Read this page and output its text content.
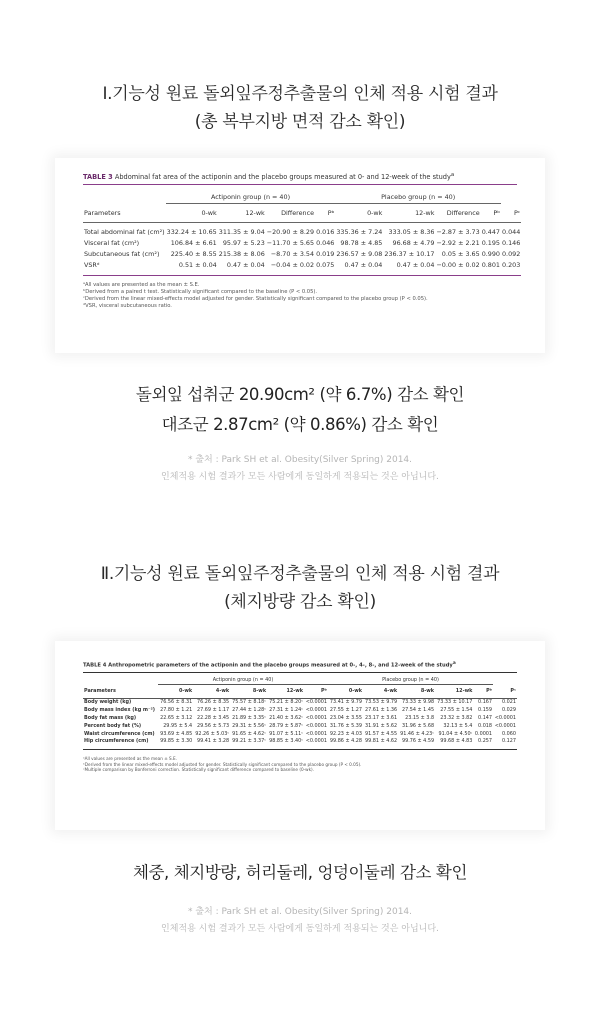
Ⅰ.기능성 원료 돌외잎주정추출물의 인체 적용 시험 결과
(총 복부지방 면적 감소 확인)
TABLE 3 Abdominal fat area of the actiponin and the placebo groups measured at 0- and 12-week of the study$^a$
	Actiponin group (n = 40)				Placebo group (n = 40)				
Parameters	0-wk	12-wk	Difference	Pᵇ	0-wk	12-wk	Difference	Pᵇ	Pᶜ
Total abdominal fat (cm²)	332.24 ± 10.65	311.35 ± 9.04	−20.90 ± 8.29	0.016	335.36 ± 7.24	333.05 ± 8.36	−2.87 ± 3.73	0.447	0.044
Visceral fat (cm²)	106.84 ± 6.61	95.97 ± 5.23	−11.70 ± 5.65	0.046	98.78 ± 4.85	96.68 ± 4.79	−2.92 ± 2.21	0.195	0.146
Subcutaneous fat (cm²)	225.40 ± 8.55	215.38 ± 8.06	−8.70 ± 3.54	0.019	236.57 ± 9.08	236.37 ± 10.17	0.05 ± 3.65	0.990	0.092
VSRᵈ	0.51 ± 0.04	0.47 ± 0.04	−0.04 ± 0.02	0.075	0.47 ± 0.04	0.47 ± 0.04	−0.00 ± 0.02	0.801	0.203
ᵃAll values are presented as the mean ± S.E.
ᵇDerived from a paired t test. Statistically significant compared to the baseline (P < 0.05).
ᶜDerived from the linear mixed-effects model adjusted for gender. Statistically significant compared to the placebo group (P < 0.05).
ᵈVSR, visceral subcutaneous ratio.
돌외잎 섭취군 20.90cm² (약 6.7%) 감소 확인
대조군 2.87cm² (약 0.86%) 감소 확인
* 출처 : Park SH et al. Obesity(Silver Spring) 2014.
인체적용 시험 결과가 모든 사람에게 동일하게 적용되는 것은 아닙니다.
Ⅱ.기능성 원료 돌외잎주정추출물의 인체 적용 시험 결과
(체지방량 감소 확인)
TABLE 4 Anthropometric parameters of the actiponin and the placebo groups measured at 0-, 4-, 8-, and 12-week of the study$^a$
	Actiponin group (n = 40)					Placebo group (n = 40)					
Parameters	0-wk	4-wk	8-wk	12-wk	Pᵇ	0-wk	4-wk	8-wk	12-wk	Pᵇ	Pᶜ
Body weight (kg)	76.56 ± 8.31	76.26 ± 8.35	75.57 ± 8.18ᶜ	75.21 ± 8.20ᶜ	<0.0001	73.41 ± 9.79	73.53 ± 9.79	73.33 ± 9.98	73.33 ± 10.17	0.167	0.021
Body mass index (kg m⁻²)	27.80 ± 1.21	27.69 ± 1.17	27.44 ± 1.28ᶜ	27.31 ± 1.24ᶜ	<0.0001	27.55 ± 1.27	27.61 ± 1.36	27.54 ± 1.45	27.55 ± 1.54	0.159	0.029
Body fat mass (kg)	22.65 ± 3.12	22.28 ± 3.45	21.89 ± 3.35ᶜ	21.40 ± 3.62ᶜ	<0.0001	23.04 ± 3.55	23.17 ± 3.61	23.15 ± 3.8	23.32 ± 3.82	0.147	<0.0001
Percent body fat (%)	29.95 ± 5.4	29.56 ± 5.73	29.31 ± 5.56ᶜ	28.79 ± 5.87ᶜ	<0.0001	31.76 ± 5.39	31.91 ± 5.62	31.96 ± 5.68	32.13 ± 5.4	0.018	<0.0001
Waist circumference (cm)	93.69 ± 4.85	92.26 ± 5.03ᶜ	91.65 ± 4.62ᶜ	91.07 ± 5.11ᶜ	<0.0001	92.23 ± 4.03	91.57 ± 4.55	91.46 ± 4.23ᶜ	91.04 ± 4.50ᶜ	0.0001	0.060
Hip circumference (cm)	99.85 ± 3.30	99.41 ± 3.28	99.21 ± 3.37ᶜ	98.85 ± 3.40ᶜ	<0.0001	99.86 ± 4.28	99.81 ± 4.62	99.76 ± 4.59	99.68 ± 4.83	0.257	0.127
ᵃAll values are presented as the mean ± S.E.
ᵇDerived from the linear mixed-effects model adjusted for gender. Statistically significant compared to the placebo group (P < 0.05).
ᶜMultiple comparison by Bonferroni correction. Statistically significant difference compared to baseline (0-wk).
체중, 체지방량, 허리둘레, 엉덩이둘레 감소 확인
* 출처 : Park SH et al. Obesity(Silver Spring) 2014.
인체적용 시험 결과가 모든 사람에게 동일하게 적용되는 것은 아닙니다.
